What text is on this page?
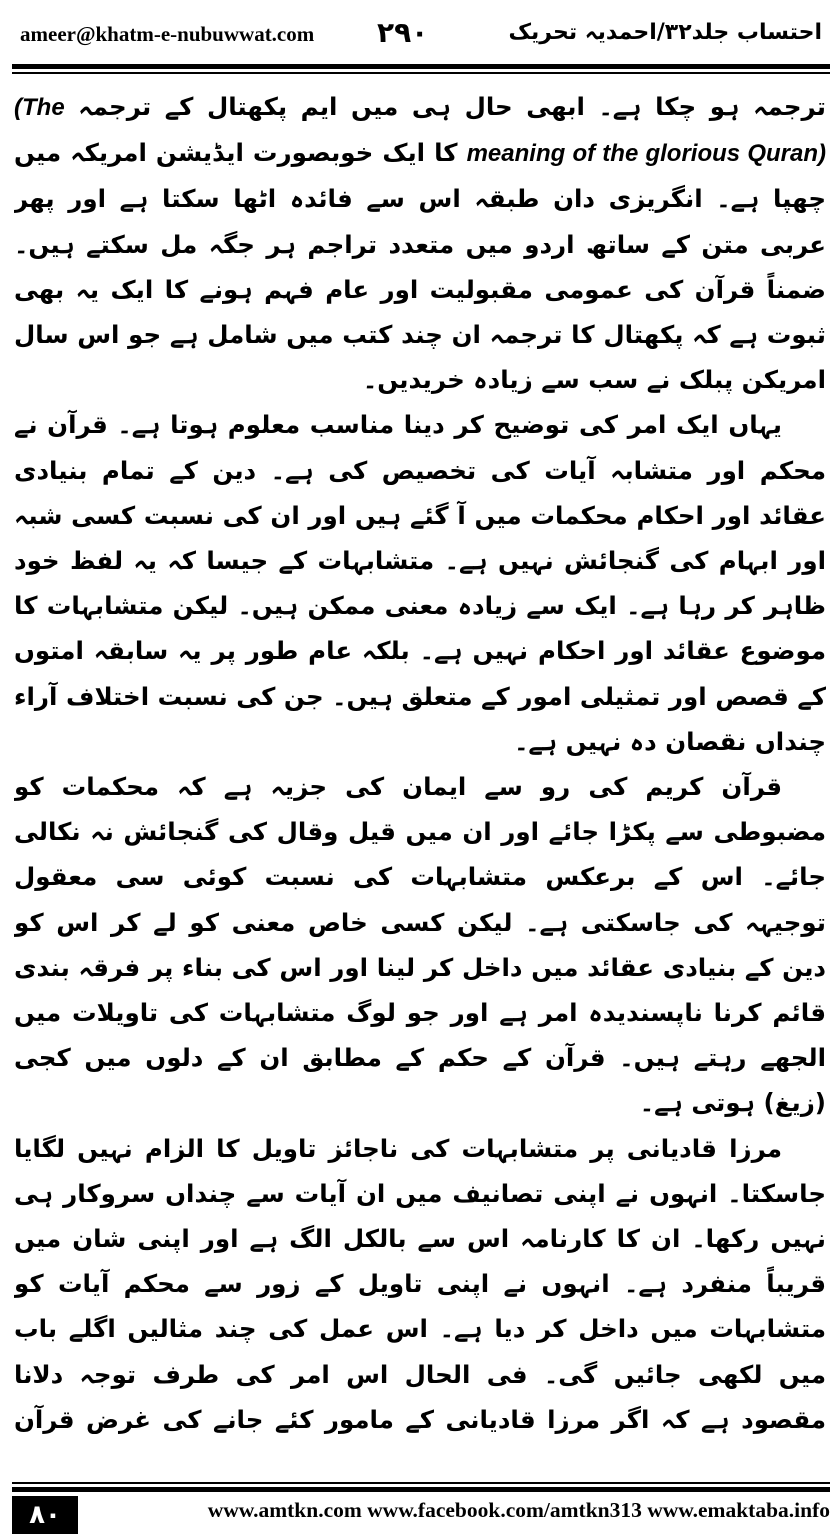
ameer@khatm-e-nubuwwat.com ۲۹۰	احتساب جلد۳۲/احمدیہ تحریک

ترجمہ ہو چکا ہے۔ ابھی حال ہی میں ایم پکھتال کے ترجمہ (The meaning of the glorious Quran) کا ایک خوبصورت ایڈیشن امریکہ میں چھپا ہے۔ انگریزی دان طبقہ اس سے فائدہ اٹھا سکتا ہے اور پھر عربی متن کے ساتھ اردو میں متعدد تراجم ہر جگہ مل سکتے ہیں۔ ضمناً قرآن کی عمومی مقبولیت اور عام فہم ہونے کا ایک یہ بھی ثبوت ہے کہ پکھتال کا ترجمہ ان چند کتب میں شامل ہے جو اس سال امریکن پبلک نے سب سے زیادہ خریدیں۔

یہاں ایک امر کی توضیح کر دینا مناسب معلوم ہوتا ہے۔ قرآن نے محکم اور متشابہ آیات کی تخصیص کی ہے۔ دین کے تمام بنیادی عقائد اور احکام محکمات میں آ گئے ہیں اور ان کی نسبت کسی شبہ اور ابہام کی گنجائش نہیں ہے۔ متشابہات کے جیسا کہ یہ لفظ خود ظاہر کر رہا ہے۔ ایک سے زیادہ معنی ممکن ہیں۔ لیکن متشابہات کا موضوع عقائد اور احکام نہیں ہے۔ بلکہ عام طور پر یہ سابقہ امتوں کے قصص اور تمثیلی امور کے متعلق ہیں۔ جن کی نسبت اختلاف آراء چنداں نقصان دہ نہیں ہے۔

قرآن کریم کی رو سے ایمان کی جزیہ ہے کہ محکمات کو مضبوطی سے پکڑا جائے اور ان میں قیل وقال کی گنجائش نہ نکالی جائے۔ اس کے برعکس متشابہات کی نسبت کوئی سی معقول توجیہہ کی جاسکتی ہے۔ لیکن کسی خاص معنی کو لے کر اس کو دین کے بنیادی عقائد میں داخل کر لینا اور اس کی بناء پر فرقہ بندی قائم کرنا ناپسندیدہ امر ہے اور جو لوگ متشابہات کی تاویلات میں الجھے رہتے ہیں۔ قرآن کے حکم کے مطابق ان کے دلوں میں کجی (زیغ) ہوتی ہے۔

مرزا قادیانی پر متشابہات کی ناجائز تاویل کا الزام نہیں لگایا جاسکتا۔ انہوں نے اپنی تصانیف میں ان آیات سے چنداں سروکار ہی نہیں رکھا۔ ان کا کارنامہ اس سے بالکل الگ ہے اور اپنی شان میں قریباً منفرد ہے۔ انہوں نے اپنی تاویل کے زور سے محکم آیات کو متشابہات میں داخل کر دیا ہے۔ اس عمل کی چند مثالیں اگلے باب میں لکھی جائیں گی۔ فی الحال اس امر کی طرف توجہ دلانا مقصود ہے کہ اگر مرزا قادیانی کے مامور کئے جانے کی غرض قرآن

۸۰	www.amtkn.com www.facebook.com/amtkn313 www.emaktaba.info
